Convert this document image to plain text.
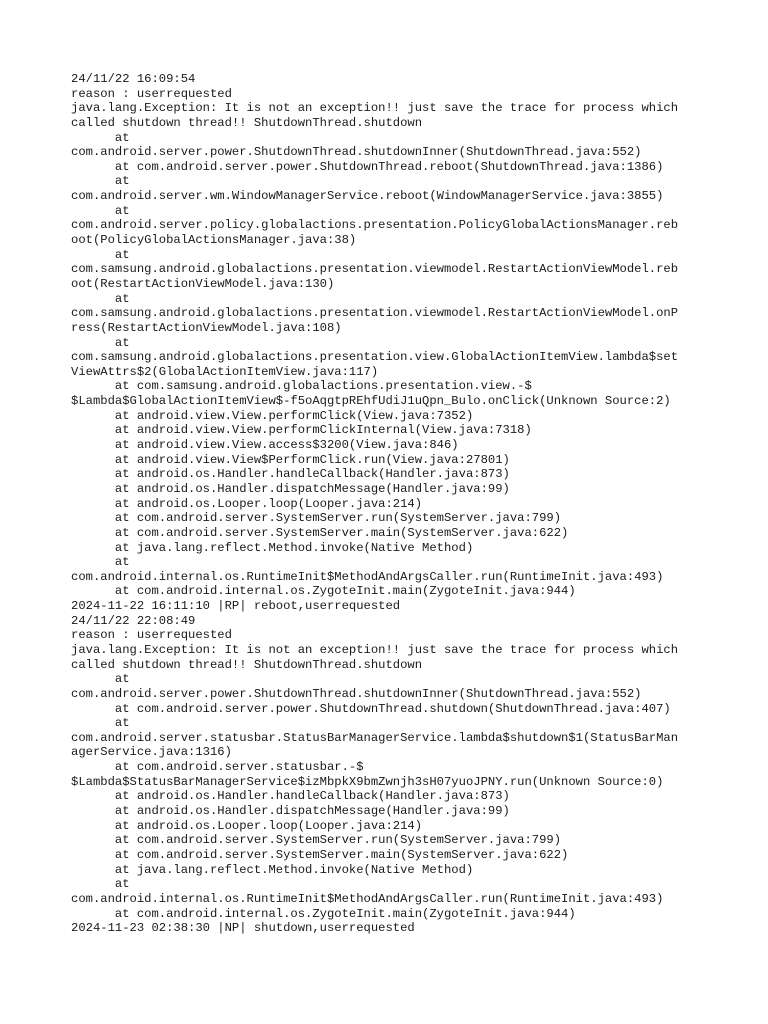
24/11/22 16:09:54
reason : userrequested
java.lang.Exception: It is not an exception!! just save the trace for process which
called shutdown thread!! ShutdownThread.shutdown
at
com.android.server.power.ShutdownThread.shutdownInner(ShutdownThread.java:552)
at com.android.server.power.ShutdownThread.reboot(ShutdownThread.java:1386)
at
com.android.server.wm.WindowManagerService.reboot(WindowManagerService.java:3855)
at
com.android.server.policy.globalactions.presentation.PolicyGlobalActionsManager.reb
oot(PolicyGlobalActionsManager.java:38)
at
com.samsung.android.globalactions.presentation.viewmodel.RestartActionViewModel.reb
oot(RestartActionViewModel.java:130)
at
com.samsung.android.globalactions.presentation.viewmodel.RestartActionViewModel.onP
ress(RestartActionViewModel.java:108)
at
com.samsung.android.globalactions.presentation.view.GlobalActionItemView.lambda$set
ViewAttrs$2(GlobalActionItemView.java:117)
at com.samsung.android.globalactions.presentation.view.-$
$Lambda$GlobalActionItemView$-f5oAqgtpREhfUdiJ1uQpn_Bulo.onClick(Unknown Source:2)
at android.view.View.performClick(View.java:7352)
at android.view.View.performClickInternal(View.java:7318)
at android.view.View.access$3200(View.java:846)
at android.view.View$PerformClick.run(View.java:27801)
at android.os.Handler.handleCallback(Handler.java:873)
at android.os.Handler.dispatchMessage(Handler.java:99)
at android.os.Looper.loop(Looper.java:214)
at com.android.server.SystemServer.run(SystemServer.java:799)
at com.android.server.SystemServer.main(SystemServer.java:622)
at java.lang.reflect.Method.invoke(Native Method)
at
com.android.internal.os.RuntimeInit$MethodAndArgsCaller.run(RuntimeInit.java:493)
at com.android.internal.os.ZygoteInit.main(ZygoteInit.java:944)
2024-11-22 16:11:10 |RP| reboot,userrequested
24/11/22 22:08:49
reason : userrequested
java.lang.Exception: It is not an exception!! just save the trace for process which
called shutdown thread!! ShutdownThread.shutdown
at
com.android.server.power.ShutdownThread.shutdownInner(ShutdownThread.java:552)
at com.android.server.power.ShutdownThread.shutdown(ShutdownThread.java:407)
at
com.android.server.statusbar.StatusBarManagerService.lambda$shutdown$1(StatusBarMan
agerService.java:1316)
at com.android.server.statusbar.-$
$Lambda$StatusBarManagerService$izMbpkX9bmZwnjh3sH07yuoJPNY.run(Unknown Source:0)
at android.os.Handler.handleCallback(Handler.java:873)
at android.os.Handler.dispatchMessage(Handler.java:99)
at android.os.Looper.loop(Looper.java:214)
at com.android.server.SystemServer.run(SystemServer.java:799)
at com.android.server.SystemServer.main(SystemServer.java:622)
at java.lang.reflect.Method.invoke(Native Method)
at
com.android.internal.os.RuntimeInit$MethodAndArgsCaller.run(RuntimeInit.java:493)
at com.android.internal.os.ZygoteInit.main(ZygoteInit.java:944)
2024-11-23 02:38:30 |NP| shutdown,userrequested
